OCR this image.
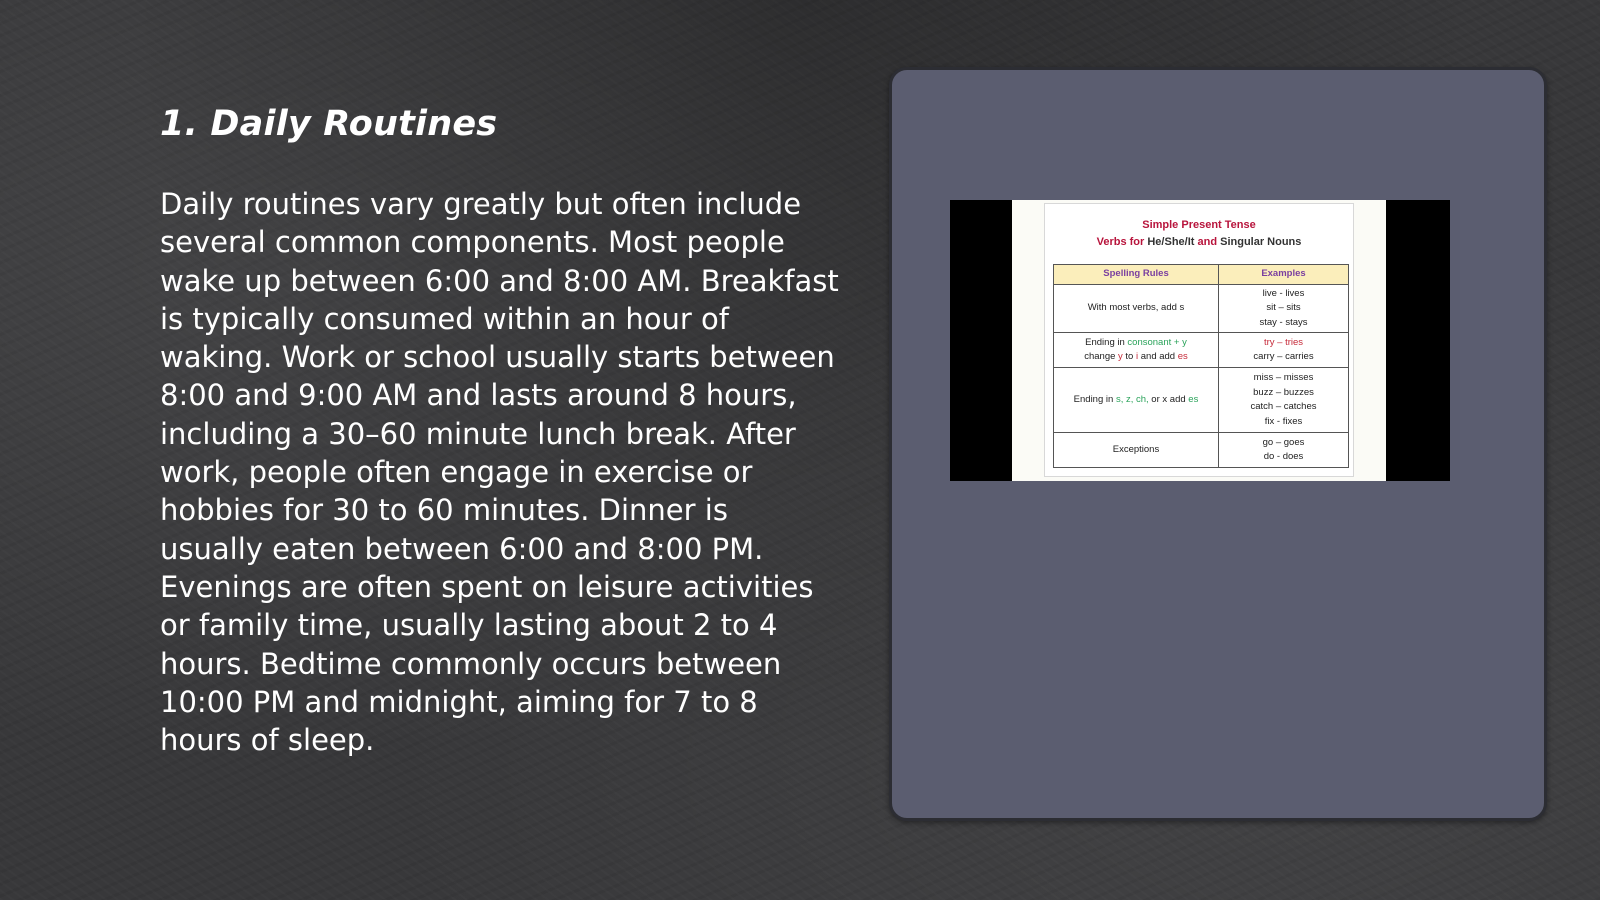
1. Daily Routines

Daily routines vary greatly but often include several common components. Most people wake up between 6:00 and 8:00 AM. Breakfast is typically consumed within an hour of waking. Work or school usually starts between 8:00 and 9:00 AM and lasts around 8 hours, including a 30–60 minute lunch break. After work, people often engage in exercise or hobbies for 30 to 60 minutes. Dinner is usually eaten between 6:00 and 8:00 PM. Evenings are often spent on leisure activities or family time, usually lasting about 2 to 4 hours. Bedtime commonly occurs between 10:00 PM and midnight, aiming for 7 to 8 hours of sleep.

Simple Present Tense
Verbs for He/She/It and Singular Nouns
Spelling Rules	Examples
With most verbs, add s	live - lives
sit – sits
stay - stays

Ending in consonant + y
change y to i and add es	try – tries
carry – carries

Ending in s, z, ch, or x add es	miss – misses
buzz – buzzes
catch – catches
fix - fixes

Exceptions	go – goes
do - does
